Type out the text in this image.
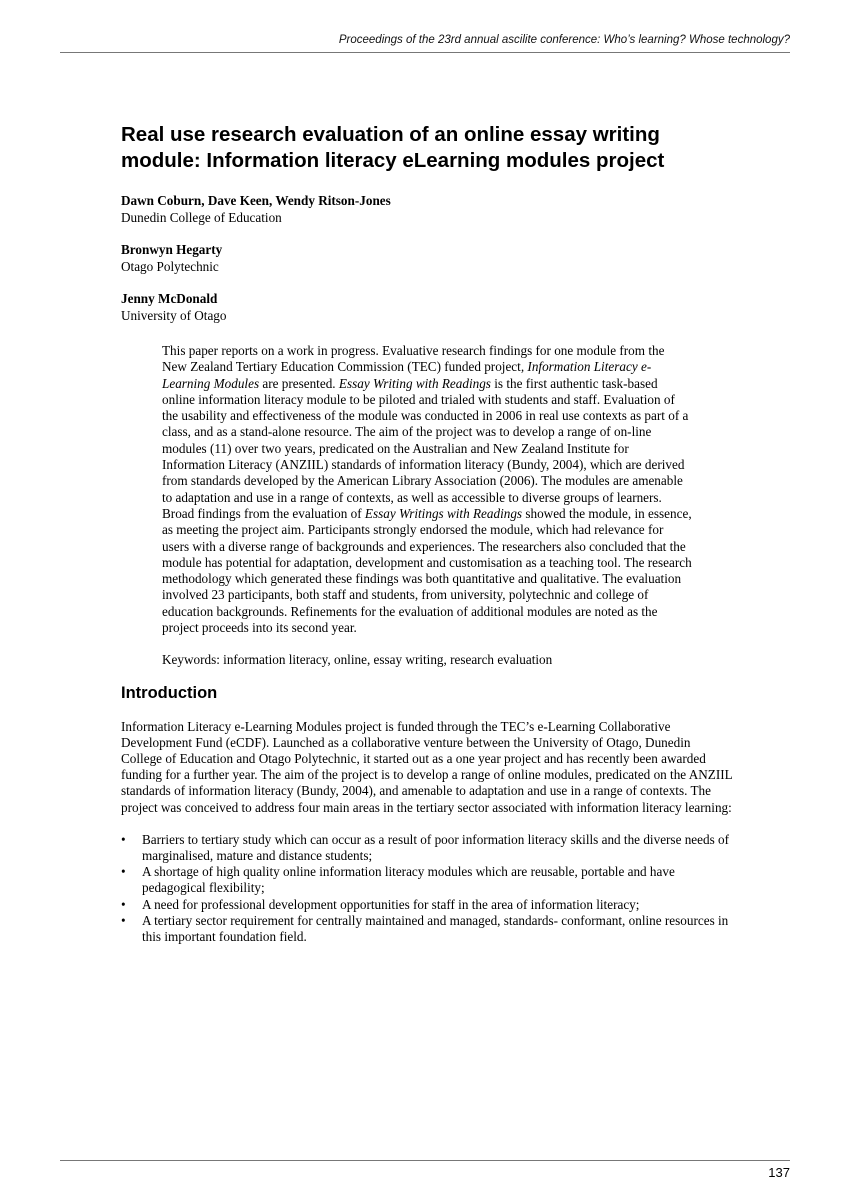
Proceedings of the 23rd annual ascilite conference: Who’s learning? Whose technology?
Real use research evaluation of an online essay writing module: Information literacy eLearning modules project
Dawn Coburn, Dave Keen, Wendy Ritson-Jones
Dunedin College of Education
Bronwyn Hegarty
Otago Polytechnic
Jenny McDonald
University of Otago

This paper reports on a work in progress. Evaluative research findings for one module from the New Zealand Tertiary Education Commission (TEC) funded project, Information Literacy e-Learning Modules are presented. Essay Writing with Readings is the first authentic task-based online information literacy module to be piloted and trialed with students and staff. Evaluation of the usability and effectiveness of the module was conducted in 2006 in real use contexts as part of a class, and as a stand-alone resource. The aim of the project was to develop a range of on-line modules (11) over two years, predicated on the Australian and New Zealand Institute for Information Literacy (ANZIIL) standards of information literacy (Bundy, 2004), which are derived from standards developed by the American Library Association (2006). The modules are amenable to adaptation and use in a range of contexts, as well as accessible to diverse groups of learners. Broad findings from the evaluation of Essay Writings with Readings showed the module, in essence, as meeting the project aim. Participants strongly endorsed the module, which had relevance for users with a diverse range of backgrounds and experiences. The researchers also concluded that the module has potential for adaptation, development and customisation as a teaching tool. The research methodology which generated these findings was both quantitative and qualitative. The evaluation involved 23 participants, both staff and students, from university, polytechnic and college of education backgrounds. Refinements for the evaluation of additional modules are noted as the project proceeds into its second year.

Keywords: information literacy, online, essay writing, research evaluation

Introduction

Information Literacy e-Learning Modules project is funded through the TEC’s e-Learning Collaborative Development Fund (eCDF). Launched as a collaborative venture between the University of Otago, Dunedin College of Education and Otago Polytechnic, it started out as a one year project and has recently been awarded funding for a further year. The aim of the project is to develop a range of online modules, predicated on the ANZIIL standards of information literacy (Bundy, 2004), and amenable to adaptation and use in a range of contexts. The project was conceived to address four main areas in the tertiary sector associated with information literacy learning:

• Barriers to tertiary study which can occur as a result of poor information literacy skills and the diverse needs of marginalised, mature and distance students;
• A shortage of high quality online information literacy modules which are reusable, portable and have pedagogical flexibility;
• A need for professional development opportunities for staff in the area of information literacy;
• A tertiary sector requirement for centrally maintained and managed, standards- conformant, online resources in this important foundation field.
137
